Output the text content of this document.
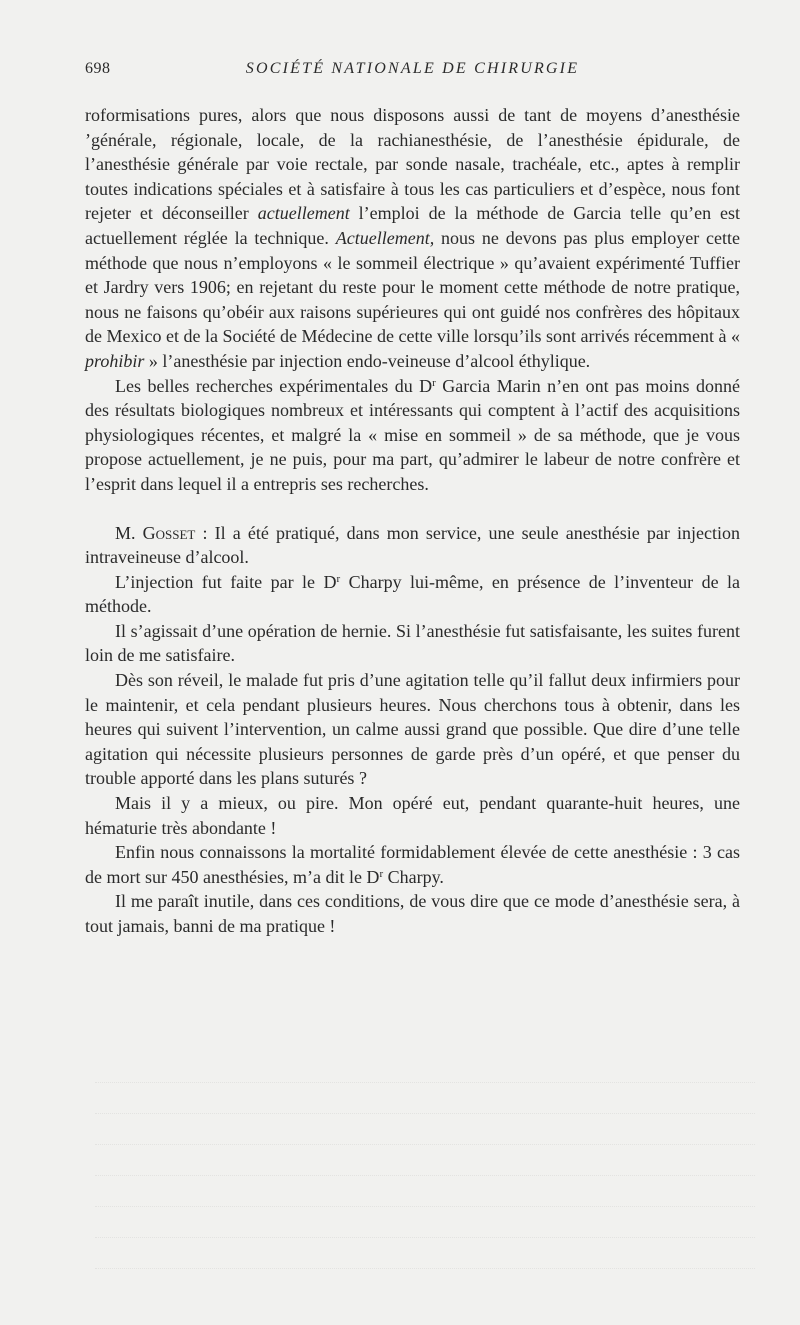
698	SOCIÉTÉ NATIONALE DE CHIRURGIE

roformisations pures, alors que nous disposons aussi de tant de moyens d’anesthésie ʼgénérale, régionale, locale, de la rachianesthésie, de l’anesthésie épidurale, de l’anesthésie générale par voie rectale, par sonde nasale, trachéale, etc., aptes à remplir toutes indications spéciales et à satisfaire à tous les cas particuliers et d’espèce, nous font rejeter et déconseiller actuellement l’emploi de la méthode de Garcia telle qu’en est actuellement réglée la technique. Actuellement, nous ne devons pas plus employer cette méthode que nous n’employons « le sommeil électrique » qu’avaient expérimenté Tuffier et Jardry vers 1906; en rejetant du reste pour le moment cette méthode de notre pratique, nous ne faisons qu’obéir aux raisons supérieures qui ont guidé nos confrères des hôpitaux de Mexico et de la Société de Médecine de cette ville lorsqu’ils sont arrivés récemment à « prohibir » l’anesthésie par injection endo-veineuse d’alcool éthylique.

Les belles recherches expérimentales du $D^r$ Garcia Marin n’en ont pas moins donné des résultats biologiques nombreux et intéressants qui comptent à l’actif des acquisitions physiologiques récentes, et malgré la « mise en sommeil » de sa méthode, que je vous propose actuellement, je ne puis, pour ma part, qu’admirer le labeur de notre confrère et l’esprit dans lequel il a entrepris ses recherches.

M. Gosset : Il a été pratiqué, dans mon service, une seule anesthésie par injection intraveineuse d’alcool.

L’injection fut faite par le $D^r$ Charpy lui-même, en présence de l’inventeur de la méthode.

Il s’agissait d’une opération de hernie. Si l’anesthésie fut satisfaisante, les suites furent loin de me satisfaire.

Dès son réveil, le malade fut pris d’une agitation telle qu’il fallut deux infirmiers pour le maintenir, et cela pendant plusieurs heures. Nous cherchons tous à obtenir, dans les heures qui suivent l’intervention, un calme aussi grand que possible. Que dire d’une telle agitation qui nécessite plusieurs personnes de garde près d’un opéré, et que penser du trouble apporté dans les plans suturés ?

Mais il y a mieux, ou pire. Mon opéré eut, pendant quarante-huit heures, une hématurie très abondante !

Enfin nous connaissons la mortalité formidablement élevée de cette anesthésie : 3 cas de mort sur 450 anesthésies, m’a dit le $D^r$ Charpy.

Il me paraît inutile, dans ces conditions, de vous dire que ce mode d’anesthésie sera, à tout jamais, banni de ma pratique !
